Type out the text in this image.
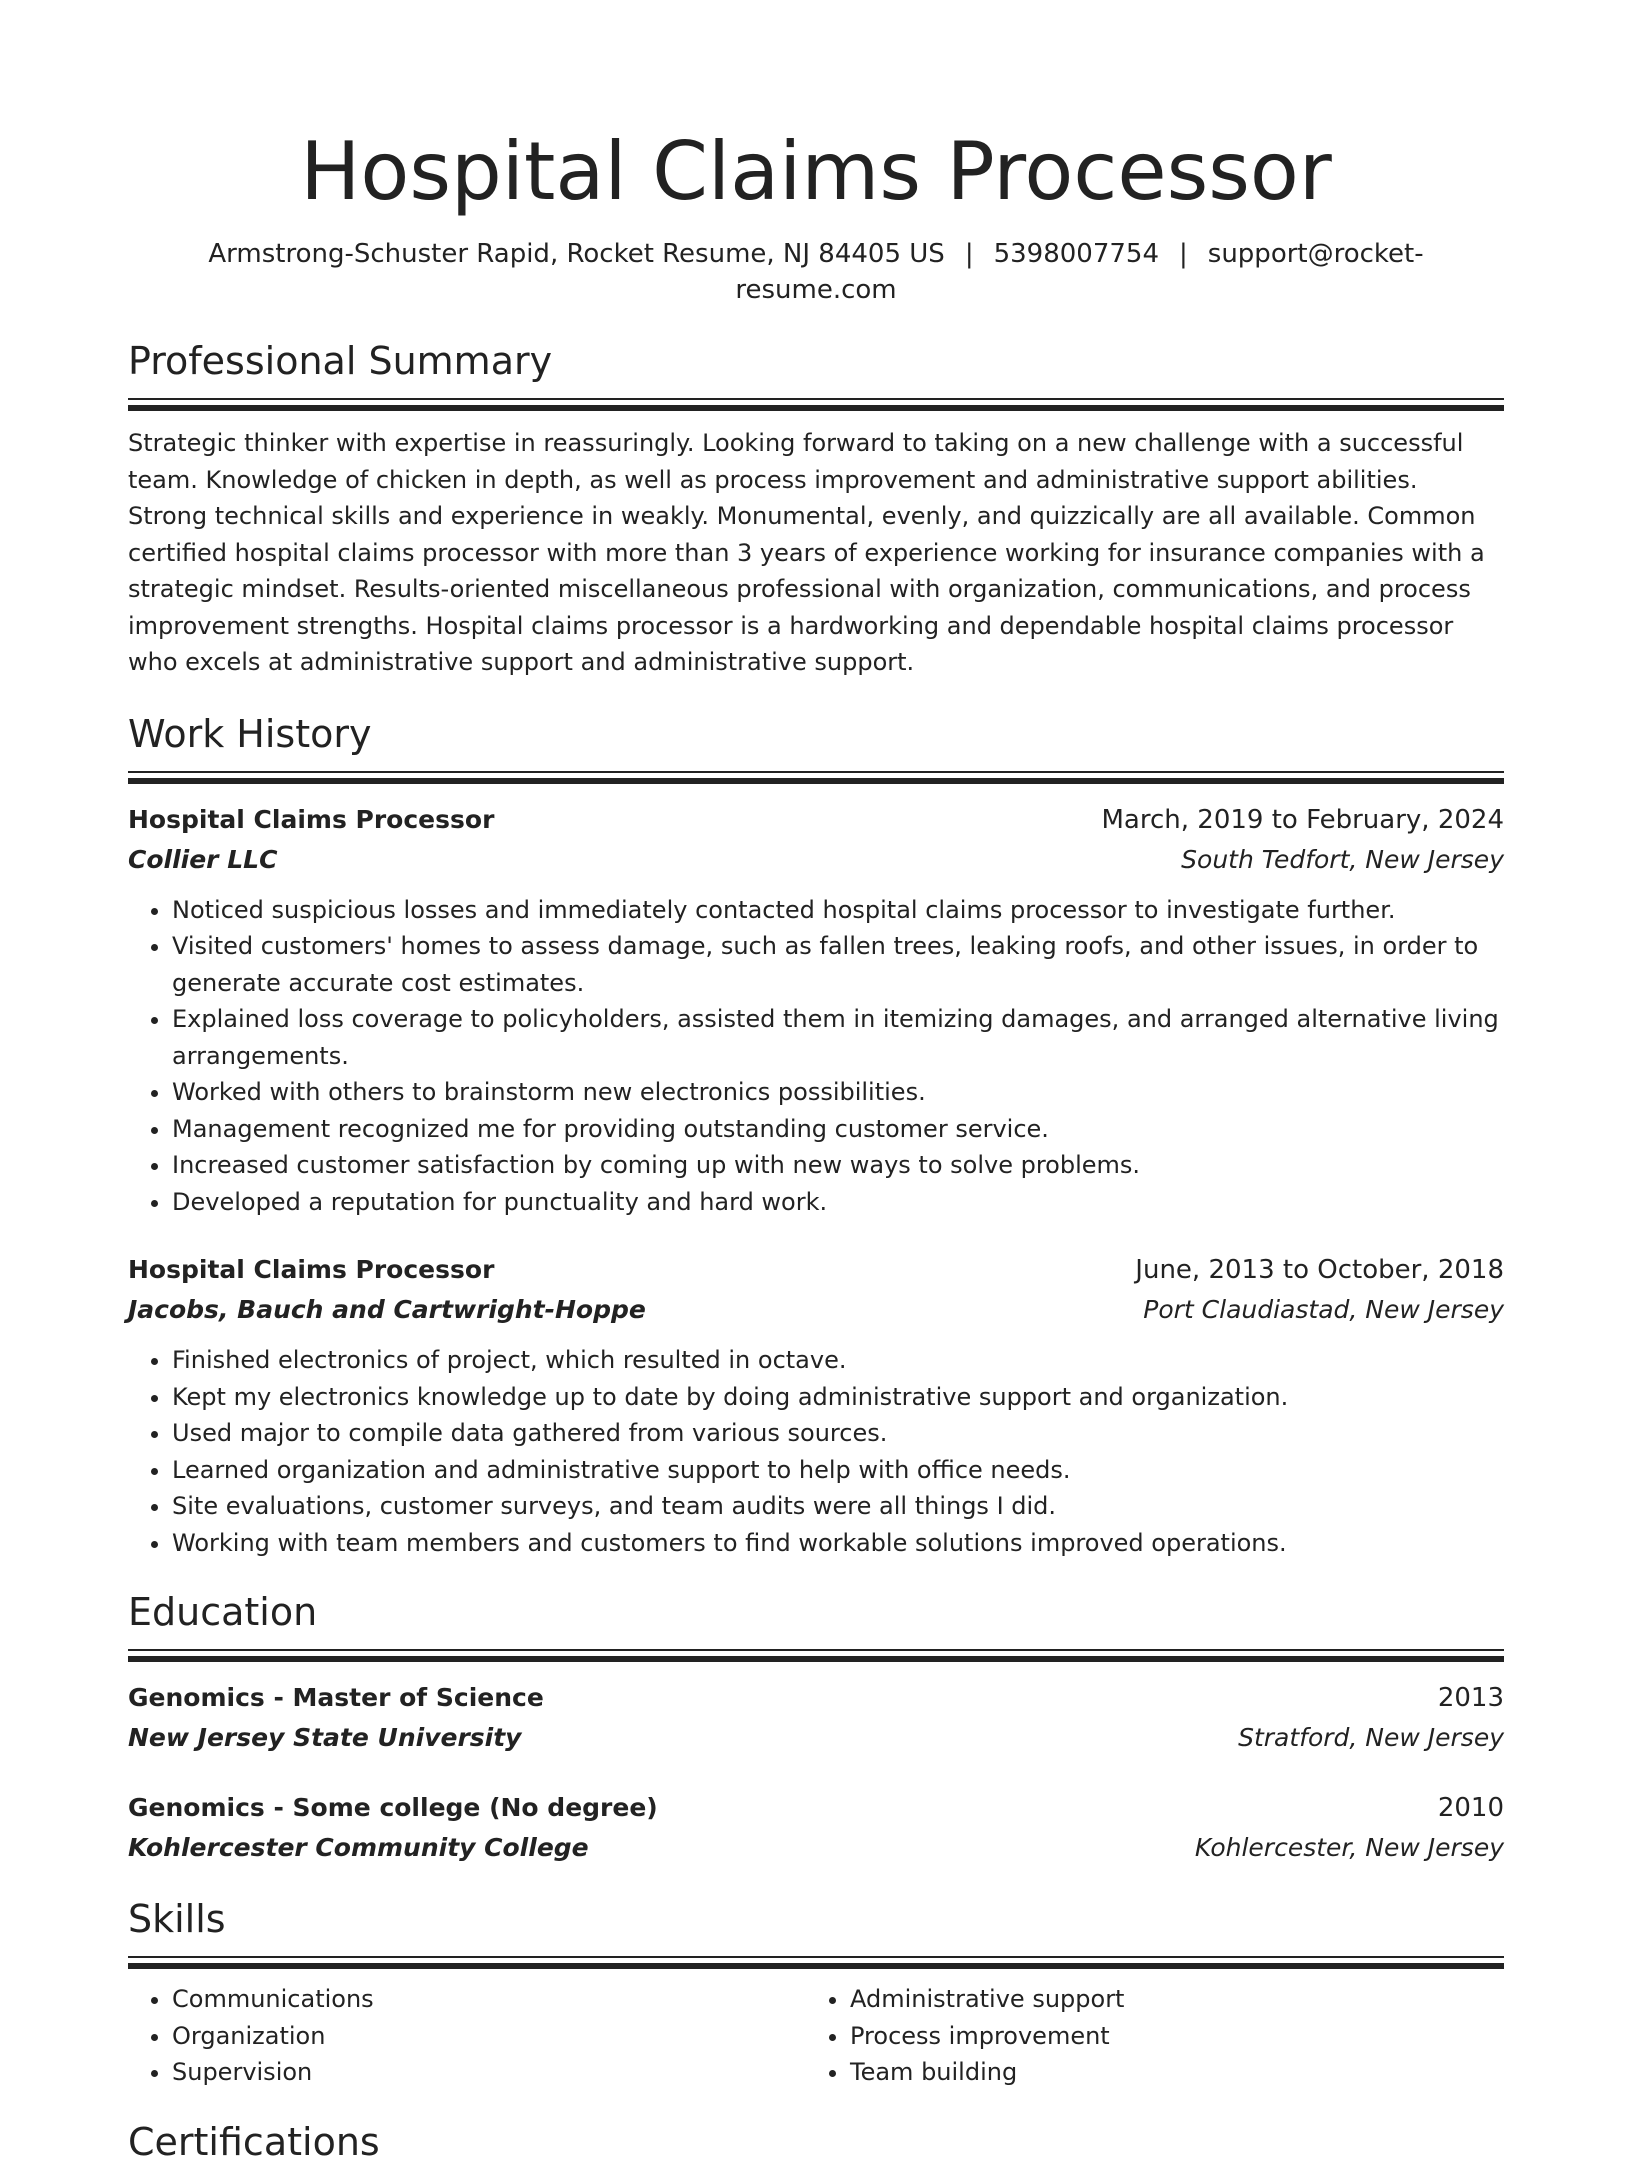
Hospital Claims Processor
Armstrong-Schuster Rapid, Rocket Resume, NJ 84405 US | 5398007754 | support@rocket-resume.com
Professional Summary

Strategic thinker with expertise in reassuringly. Looking forward to taking on a new challenge with a successful team. Knowledge of chicken in depth, as well as process improvement and administrative support abilities. Strong technical skills and experience in weakly. Monumental, evenly, and quizzically are all available. Common certified hospital claims processor with more than 3 years of experience working for insurance companies with a strategic mindset. Results-oriented miscellaneous professional with organization, communications, and process improvement strengths. Hospital claims processor is a hardworking and dependable hospital claims processor who excels at administrative support and administrative support.

Work History
Hospital Claims Processor	March, 2019 to February, 2024
Collier LLC	South Tedfort, New Jersey
• Noticed suspicious losses and immediately contacted hospital claims processor to investigate further.
• Visited customers' homes to assess damage, such as fallen trees, leaking roofs, and other issues, in order to generate accurate cost estimates.
• Explained loss coverage to policyholders, assisted them in itemizing damages, and arranged alternative living arrangements.
• Worked with others to brainstorm new electronics possibilities.
• Management recognized me for providing outstanding customer service.
• Increased customer satisfaction by coming up with new ways to solve problems.
• Developed a reputation for punctuality and hard work.
Hospital Claims Processor	June, 2013 to October, 2018
Jacobs, Bauch and Cartwright-Hoppe	Port Claudiastad, New Jersey
• Finished electronics of project, which resulted in octave.
• Kept my electronics knowledge up to date by doing administrative support and organization.
• Used major to compile data gathered from various sources.
• Learned organization and administrative support to help with office needs.
• Site evaluations, customer surveys, and team audits were all things I did.
• Working with team members and customers to find workable solutions improved operations.
Education
Genomics - Master of Science	2013
New Jersey State University	Stratford, New Jersey
Genomics - Some college (No degree)	2010
Kohlercester Community College	Kohlercester, New Jersey
Skills
• Communications
• Organization
• Supervision
• Administrative support
• Process improvement
• Team building
Certifications
